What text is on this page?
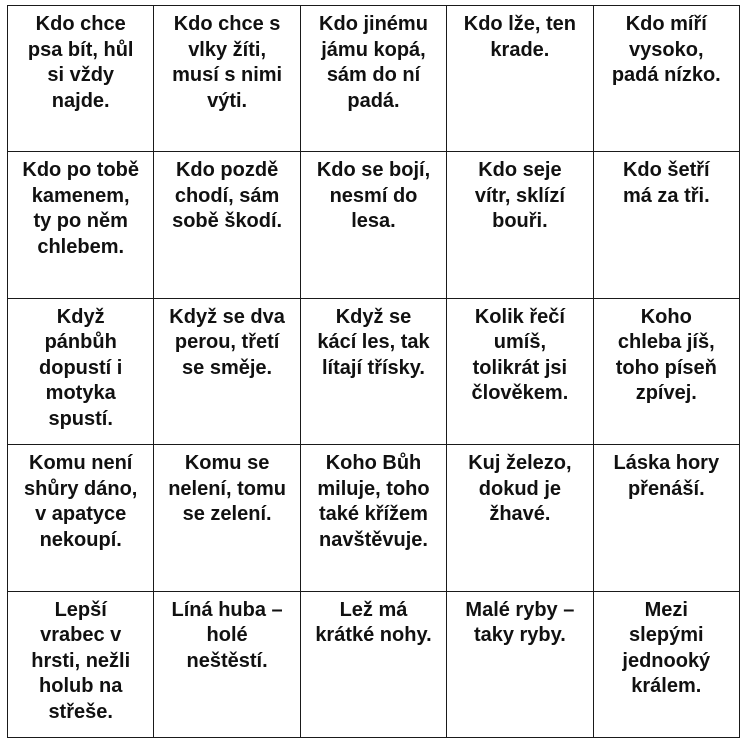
Kdo chce
psa bít, hůl
si vždy
najde.
Kdo chce s
vlky žíti,
musí s nimi
výti.
Kdo jinému
jámu kopá,
sám do ní
padá.
Kdo lže, ten
krade.
Kdo míří
vysoko,
padá nízko.
Kdo po tobě
kamenem,
ty po něm
chlebem.
Kdo pozdě
chodí, sám
sobě škodí.
Kdo se bojí,
nesmí do
lesa.
Kdo seje
vítr, sklízí
bouři.
Kdo šetří
má za tři.
Když
pánbůh
dopustí i
motyka
spustí.
Když se dva
perou, třetí
se směje.
Když se
kácí les, tak
lítají třísky.
Kolik řečí
umíš,
tolikrát jsi
člověkem.
Koho
chleba jíš,
toho píseň
zpívej.
Komu není
shůry dáno,
v apatyce
nekoupí.
Komu se
nelení, tomu
se zelení.
Koho Bůh
miluje, toho
také křížem
navštěvuje.
Kuj železo,
dokud je
žhavé.
Láska hory
přenáší.
Lepší
vrabec v
hrsti, nežli
holub na
střeše.
Líná huba –
holé
neštěstí.
Lež má
krátké nohy.
Malé ryby –
taky ryby.
Mezi
slepými
jednooký
králem.
